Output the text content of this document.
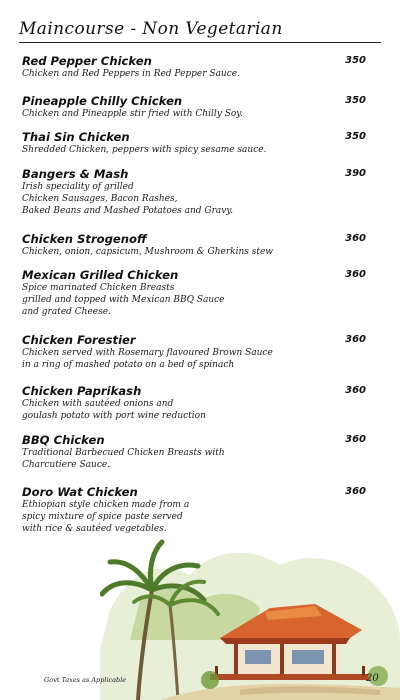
Maincourse - Non Vegetarian
Red Pepper Chicken	350
Chicken and Red Peppers in Red Pepper Sauce.
Pineapple Chilly Chicken	350
Chicken and Pineapple stir fried with Chilly Soy.
Thai Sin Chicken	350
Shredded Chicken, peppers with spicy sesame sauce.
Bangers & Mash	390
Irish speciality of grilled
Chicken Sausages, Bacon Rashes,
Baked Beans and Mashed Potatoes and Gravy.
Chicken Strogenoff	360
Chicken, onion, capsicum, Mushroom & Gherkins stew
Mexican Grilled Chicken	360
Spice marinated Chicken Breasts
grilled and topped with Mexican BBQ Sauce
and grated Cheese.
Chicken Forestier	360
Chicken served with Rosemary flavoured Brown Sauce
in a ring of mashed potato on a bed of spinach
Chicken Paprikash	360
Chicken with sautéed onions and
goulash potato with port wine reduction
BBQ Chicken	360
Traditional Barbecued Chicken Breasts with
Charcutiere Sauce.
Doro Wat Chicken	360
Ethiopian style chicken made from a
spicy mixture of spice paste served
with rice & sautéed vegetables.
Govt Taxes as Applicable	20
